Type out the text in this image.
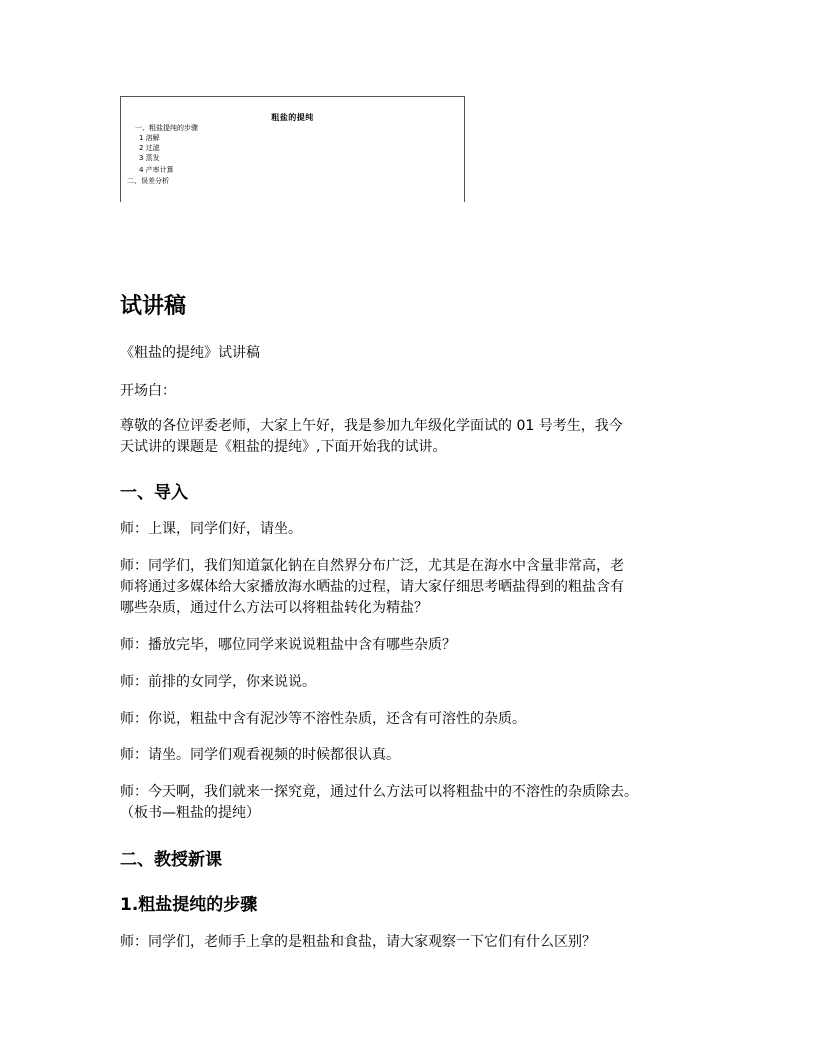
粗盐的提纯
一、粗盐提纯的步骤
1 溶解
2 过滤
3 蒸发
4 产率计算
二、误差分析
试讲稿

《粗盐的提纯》试讲稿

开场白：

尊敬的各位评委老师，大家上午好，我是参加九年级化学面试的 01 号考生，我今

天试讲的课题是《粗盐的提纯》,下面开始我的试讲。

一、导入

师：上课，同学们好，请坐。

师：同学们，我们知道氯化钠在自然界分布广泛，尤其是在海水中含量非常高，老

师将通过多媒体给大家播放海水晒盐的过程，请大家仔细思考晒盐得到的粗盐含有

哪些杂质，通过什么方法可以将粗盐转化为精盐？

师：播放完毕，哪位同学来说说粗盐中含有哪些杂质？

师：前排的女同学，你来说说。

师：你说，粗盐中含有泥沙等不溶性杂质，还含有可溶性的杂质。

师：请坐。同学们观看视频的时候都很认真。

师：今天啊，我们就来一探究竟，通过什么方法可以将粗盐中的不溶性的杂质除去。

（板书—粗盐的提纯）

二、教授新课
1.粗盐提纯的步骤

师：同学们，老师手上拿的是粗盐和食盐，请大家观察一下它们有什么区别？
